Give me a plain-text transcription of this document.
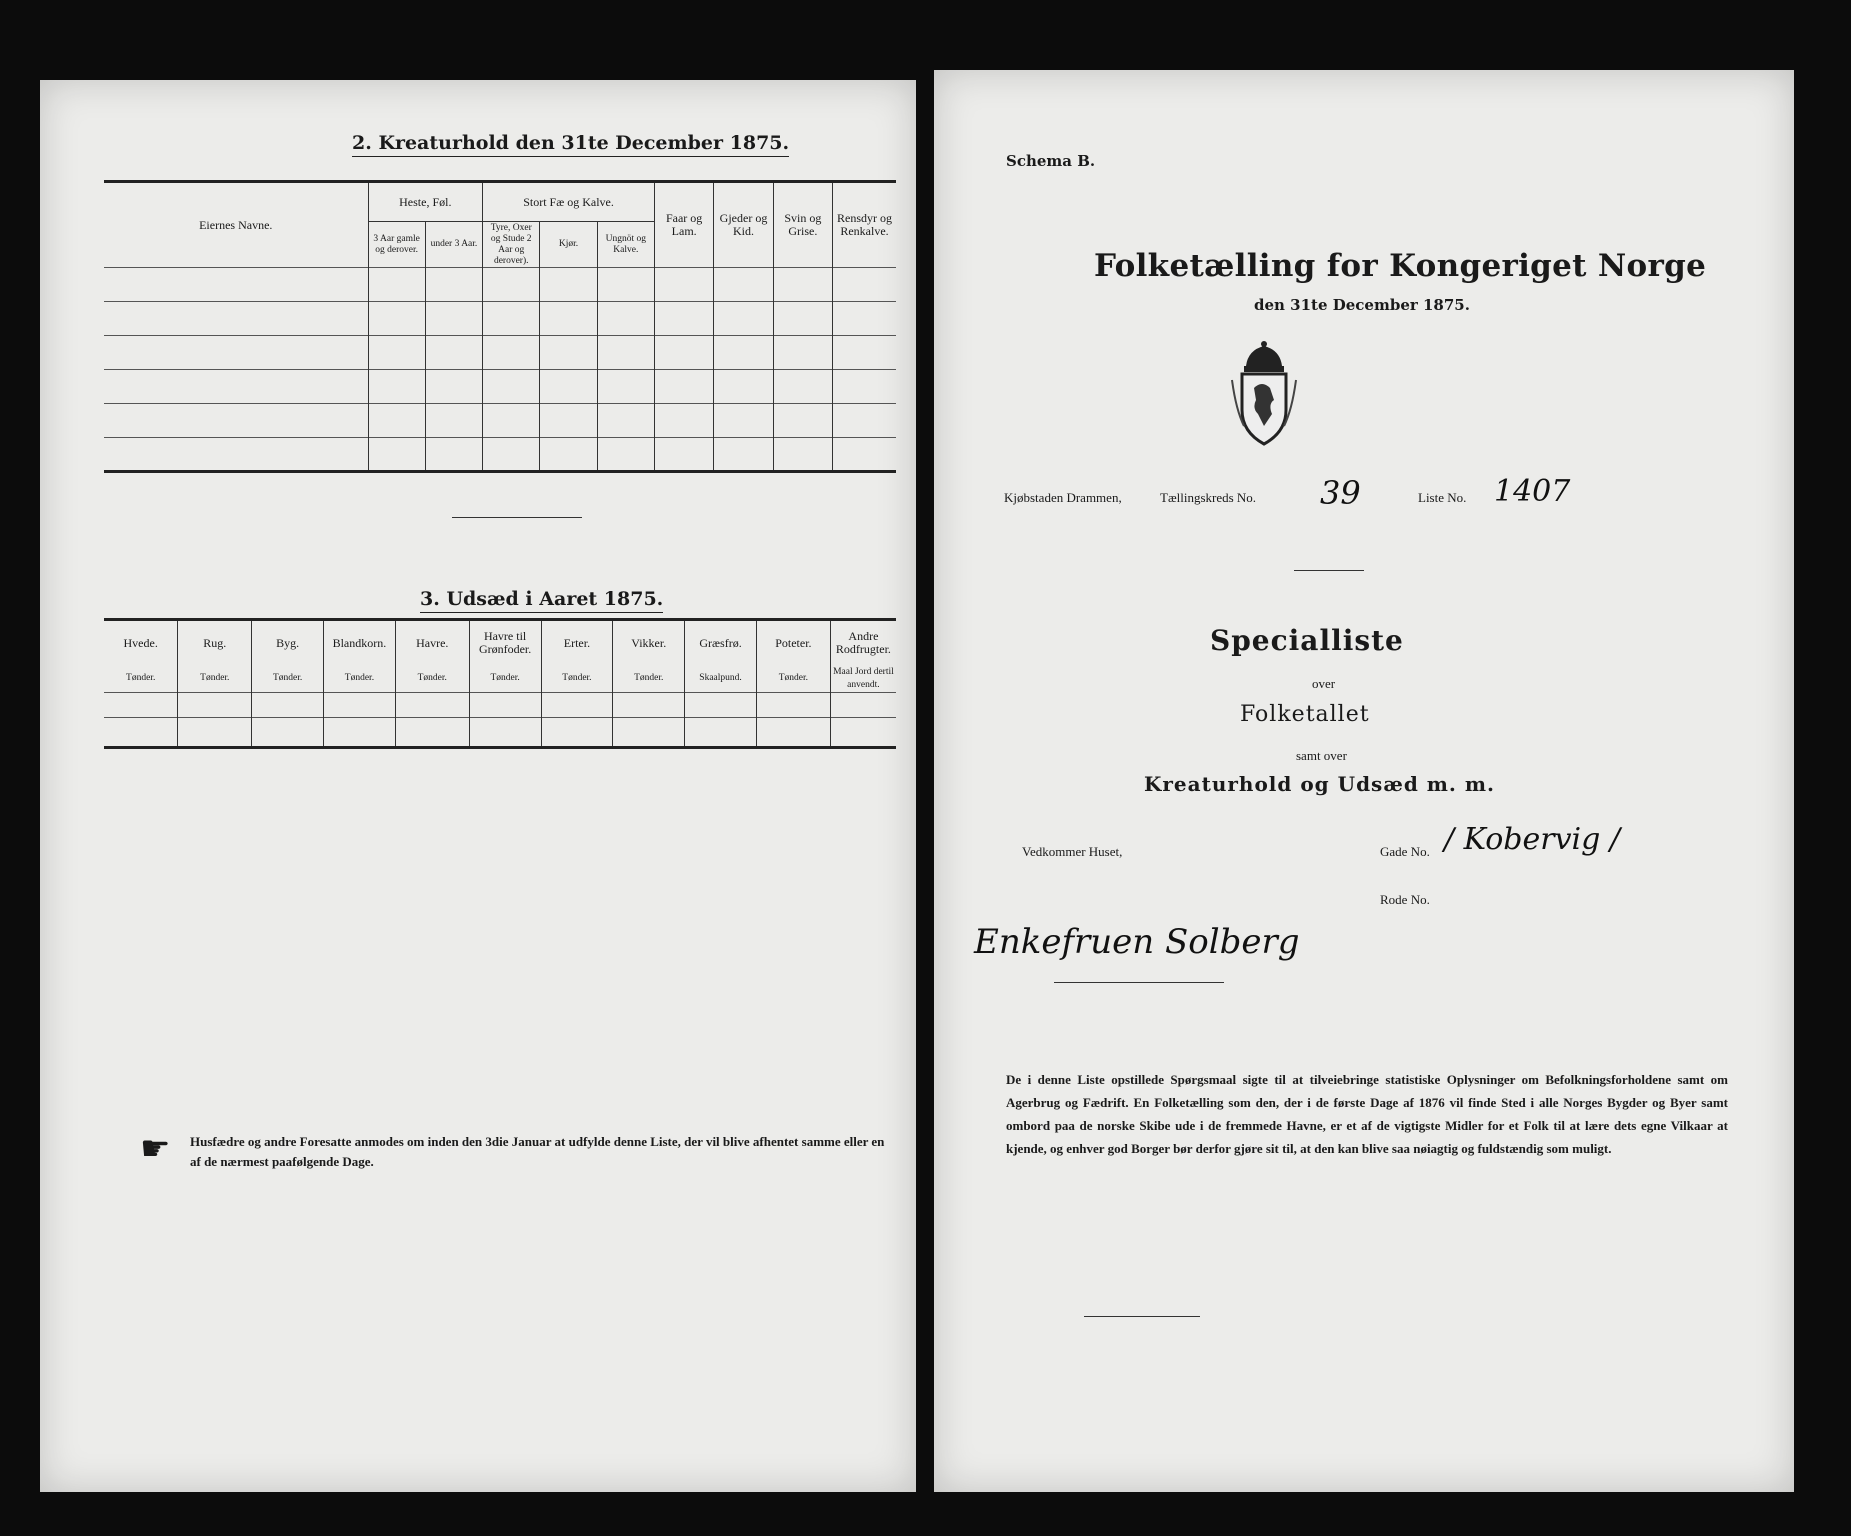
2. Kreaturhold den 31te December 1875.
Eiernes Navne.	Heste, Føl.		Stort Fæ og Kalve.			Faar og Lam.	Gjeder og Kid.	Svin og Grise.	Rensdyr og Renkalve.
	3 Aar gamle og derover.	under 3 Aar.	Tyre, Oxer og Stude 2 Aar og derover).	Kjør.	Ungnöt og Kalve.				

3. Udsæd i Aaret 1875.
Hvede.	Rug.	Byg.	Blandkorn.	Havre.	Havre til Grønfoder.	Erter.	Vikker.	Græsfrø.	Poteter.	Andre Rodfrugter.
Tønder.	Tønder.	Tønder.	Tønder.	Tønder.	Tønder.	Tønder.	Tønder.	Skaalpund.	Tønder.	Maal Jord dertil anvendt.

☛ Husfædre og andre Foresatte anmodes om inden den 3die Januar at udfylde denne Liste, der vil blive afhentet samme eller en af de nærmest paafølgende Dage.
Schema B.
Folketælling for Kongeriget Norge
den 31te December 1875.
Kjøbstaden Drammen,	Tællingskreds No. 39	Liste No. 1407
Specialliste
over
Folketallet
samt over
Kreaturhold og Udsæd m. m.
Vedkommer Huset,	Gade No. / Kobervig /
Rode No.
Enkefruen Solberg
De i denne Liste opstillede Spørgsmaal sigte til at tilveiebringe statistiske Oplysninger om Befolkningsforholdene samt om Agerbrug og Fædrift. En Folketælling som den, der i de første Dage af 1876 vil finde Sted i alle Norges Bygder og Byer samt ombord paa de norske Skibe ude i de fremmede Havne, er et af de vigtigste Midler for et Folk til at lære dets egne Vilkaar at kjende, og enhver god Borger bør derfor gjøre sit til, at den kan blive saa nøiagtig og fuldstændig som muligt.
